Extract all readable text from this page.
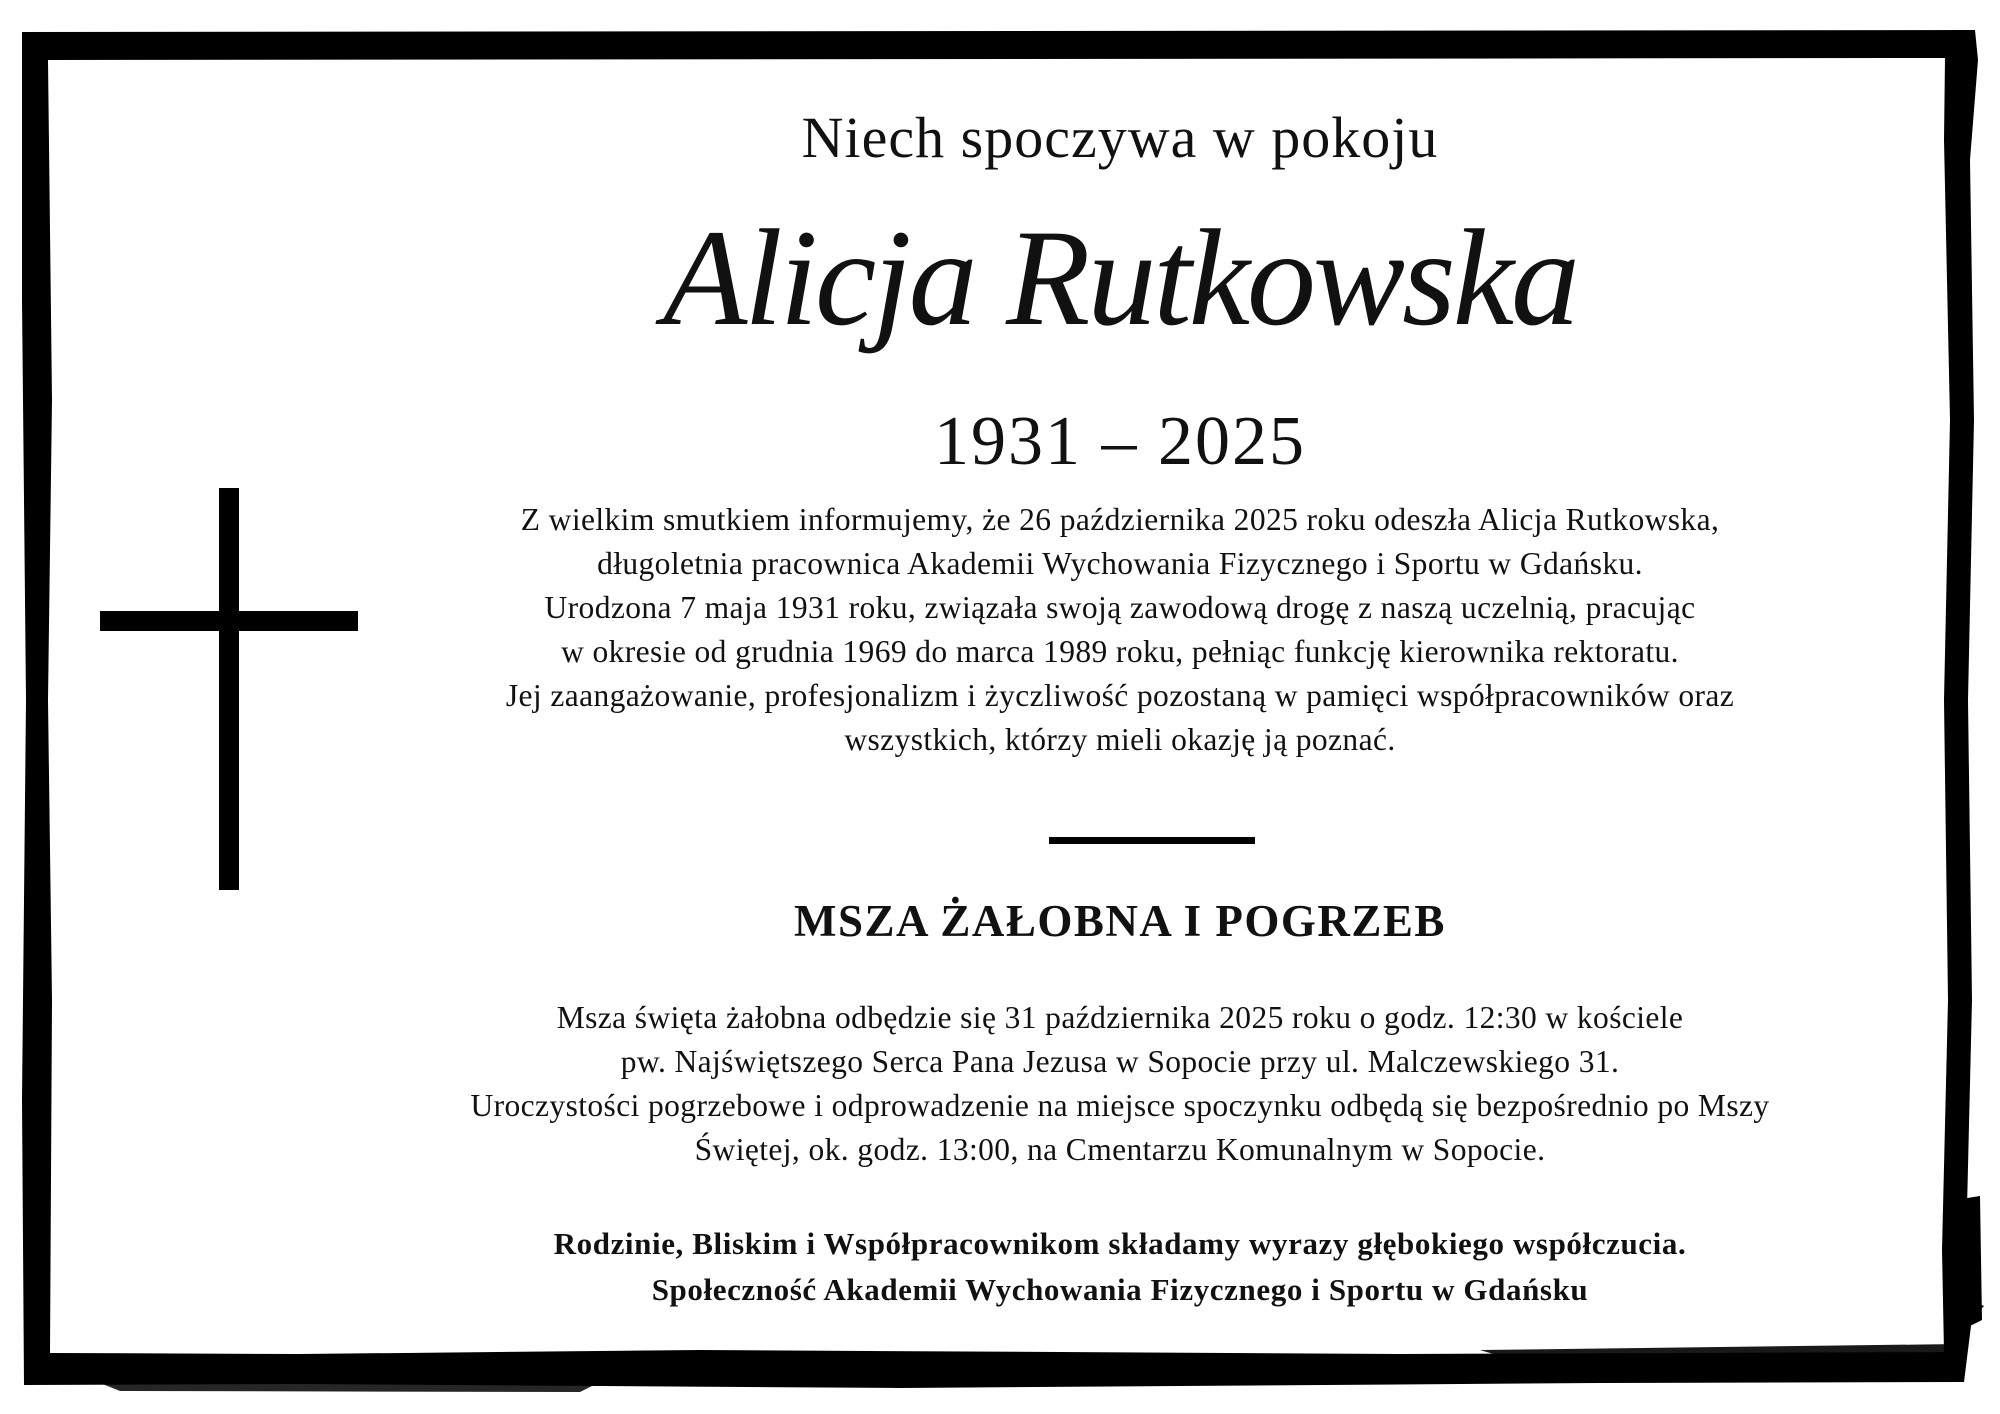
Niech spoczywa w pokoju
Alicja Rutkowska
1931 – 2025
Z wielkim smutkiem informujemy, że 26 października 2025 roku odeszła Alicja Rutkowska,
długoletnia pracownica Akademii Wychowania Fizycznego i Sportu w Gdańsku.
Urodzona 7 maja 1931 roku, związała swoją zawodową drogę z naszą uczelnią, pracując
w okresie od grudnia 1969 do marca 1989 roku, pełniąc funkcję kierownika rektoratu.
Jej zaangażowanie, profesjonalizm i życzliwość pozostaną w pamięci współpracowników oraz
wszystkich, którzy mieli okazję ją poznać.
MSZA ŻAŁOBNA I POGRZEB
Msza święta żałobna odbędzie się 31 października 2025 roku o godz. 12:30 w kościele
pw. Najświętszego Serca Pana Jezusa w Sopocie przy ul. Malczewskiego 31.
Uroczystości pogrzebowe i odprowadzenie na miejsce spoczynku odbędą się bezpośrednio po Mszy
Świętej, ok. godz. 13:00, na Cmentarzu Komunalnym w Sopocie.
Rodzinie, Bliskim i Współpracownikom składamy wyrazy głębokiego współczucia.
Społeczność Akademii Wychowania Fizycznego i Sportu w Gdańsku
